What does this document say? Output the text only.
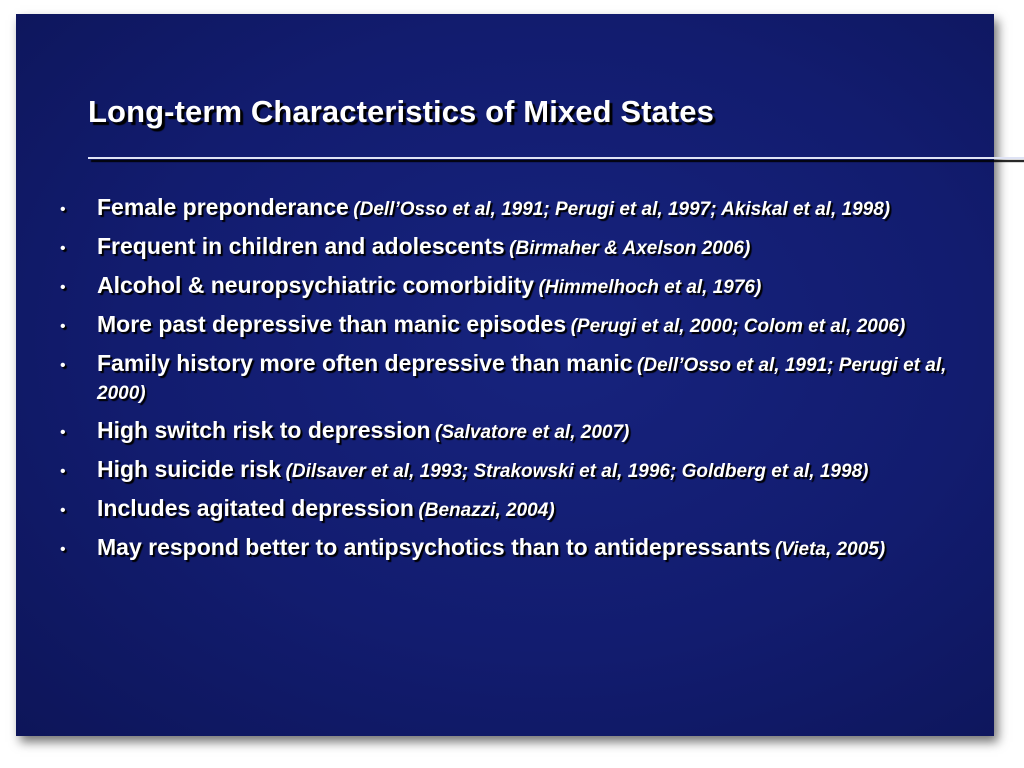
Long-term Characteristics of Mixed States
• Female preponderance (Dell’Osso et al, 1991; Perugi et al, 1997; Akiskal et al, 1998)
• Frequent in children and adolescents (Birmaher & Axelson 2006)
• Alcohol & neuropsychiatric comorbidity (Himmelhoch et al, 1976)
• More past depressive than manic episodes (Perugi et al, 2000; Colom et al, 2006)
• Family history more often depressive than manic (Dell’Osso et al, 1991; Perugi et al, 2000)
• High switch risk to depression (Salvatore et al, 2007)
• High suicide risk (Dilsaver et al, 1993; Strakowski et al, 1996; Goldberg et al, 1998)
• Includes agitated depression (Benazzi, 2004)
• May respond better to antipsychotics than to antidepressants (Vieta, 2005)
